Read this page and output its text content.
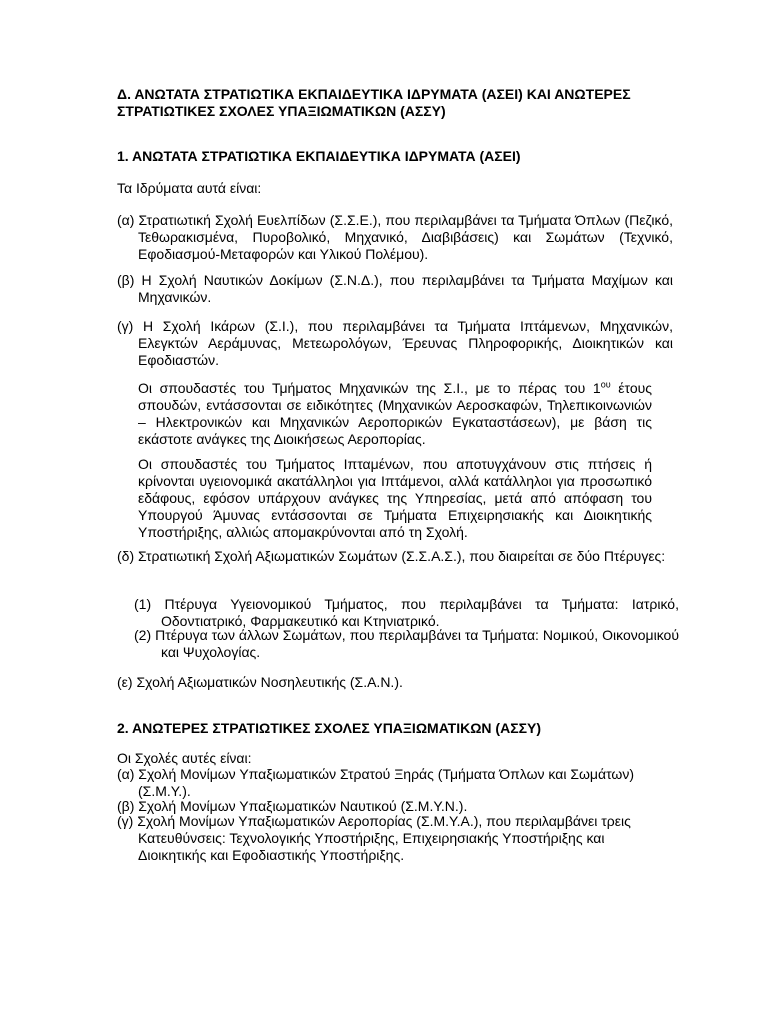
Δ. ΑΝΩΤΑΤΑ ΣΤΡΑΤΙΩΤΙΚΑ ΕΚΠΑΙΔΕΥΤΙΚΑ ΙΔΡΥΜΑΤΑ (ΑΣΕΙ) ΚΑΙ ΑΝΩΤΕΡΕΣ ΣΤΡΑΤΙΩΤΙΚΕΣ ΣΧΟΛΕΣ ΥΠΑΞΙΩΜΑΤΙΚΩΝ (ΑΣΣΥ)

1. ΑΝΩΤΑΤΑ ΣΤΡΑΤΙΩΤΙΚΑ ΕΚΠΑΙΔΕΥΤΙΚΑ ΙΔΡΥΜΑΤΑ (ΑΣΕΙ)

Τα Ιδρύματα αυτά είναι:

(α) Στρατιωτική Σχολή Ευελπίδων (Σ.Σ.Ε.), που περιλαμβάνει τα Τμήματα Όπλων (Πεζικό, Τεθωρακισμένα, Πυροβολικό, Μηχανικό, Διαβιβάσεις) και Σωμάτων (Τεχνικό, Εφοδιασμού-Μεταφορών και Υλικού Πολέμου).

(β) Η Σχολή Ναυτικών Δοκίμων (Σ.Ν.Δ.), που περιλαμβάνει τα Τμήματα Μαχίμων και Μηχανικών.

(γ) Η Σχολή Ικάρων (Σ.Ι.), που περιλαμβάνει τα Τμήματα Ιπτάμενων, Μηχανικών, Ελεγκτών Αεράμυνας, Μετεωρολόγων, Έρευνας Πληροφορικής, Διοικητικών και Εφοδιαστών.

Οι σπουδαστές του Τμήματος Μηχανικών της Σ.Ι., με το πέρας του $1^{o\upsilon}$ έτους σπουδών, εντάσσονται σε ειδικότητες (Μηχανικών Αεροσκαφών, Τηλεπικοινωνιών – Ηλεκτρονικών και Μηχανικών Αεροπορικών Εγκαταστάσεων), με βάση τις εκάστοτε ανάγκες της Διοικήσεως Αεροπορίας.

Οι σπουδαστές του Τμήματος Ιπταμένων, που αποτυγχάνουν στις πτήσεις ή κρίνονται υγειονομικά ακατάλληλοι για Ιπτάμενοι, αλλά κατάλληλοι για προσωπικό εδάφους, εφόσον υπάρχουν ανάγκες της Υπηρεσίας, μετά από απόφαση του Υπουργού Άμυνας εντάσσονται σε Τμήματα Επιχειρησιακής και Διοικητικής Υποστήριξης, αλλιώς απομακρύνονται από τη Σχολή.

(δ) Στρατιωτική Σχολή Αξιωματικών Σωμάτων (Σ.Σ.Α.Σ.), που διαιρείται σε δύο Πτέρυγες:

(1) Πτέρυγα Υγειονομικού Τμήματος, που περιλαμβάνει τα Τμήματα: Ιατρικό, Οδοντιατρικό, Φαρμακευτικό και Κτηνιατρικό.

(2) Πτέρυγα των άλλων Σωμάτων, που περιλαμβάνει τα Τμήματα: Νομικού, Οικονομικού και Ψυχολογίας.

(ε) Σχολή Αξιωματικών Νοσηλευτικής (Σ.Α.Ν.).

2. ΑΝΩΤΕΡΕΣ ΣΤΡΑΤΙΩΤΙΚΕΣ ΣΧΟΛΕΣ ΥΠΑΞΙΩΜΑΤΙΚΩΝ (ΑΣΣΥ)

Οι Σχολές αυτές είναι:

(α) Σχολή Μονίμων Υπαξιωματικών Στρατού Ξηράς (Τμήματα Όπλων και Σωμάτων) (Σ.Μ.Υ.).

(β) Σχολή Μονίμων Υπαξιωματικών Ναυτικού (Σ.Μ.Υ.Ν.).

(γ) Σχολή Μονίμων Υπαξιωματικών Αεροπορίας (Σ.Μ.Υ.Α.), που περιλαμβάνει τρεις Κατευθύνσεις: Τεχνολογικής Υποστήριξης, Επιχειρησιακής Υποστήριξης και Διοικητικής και Εφοδιαστικής Υποστήριξης.
